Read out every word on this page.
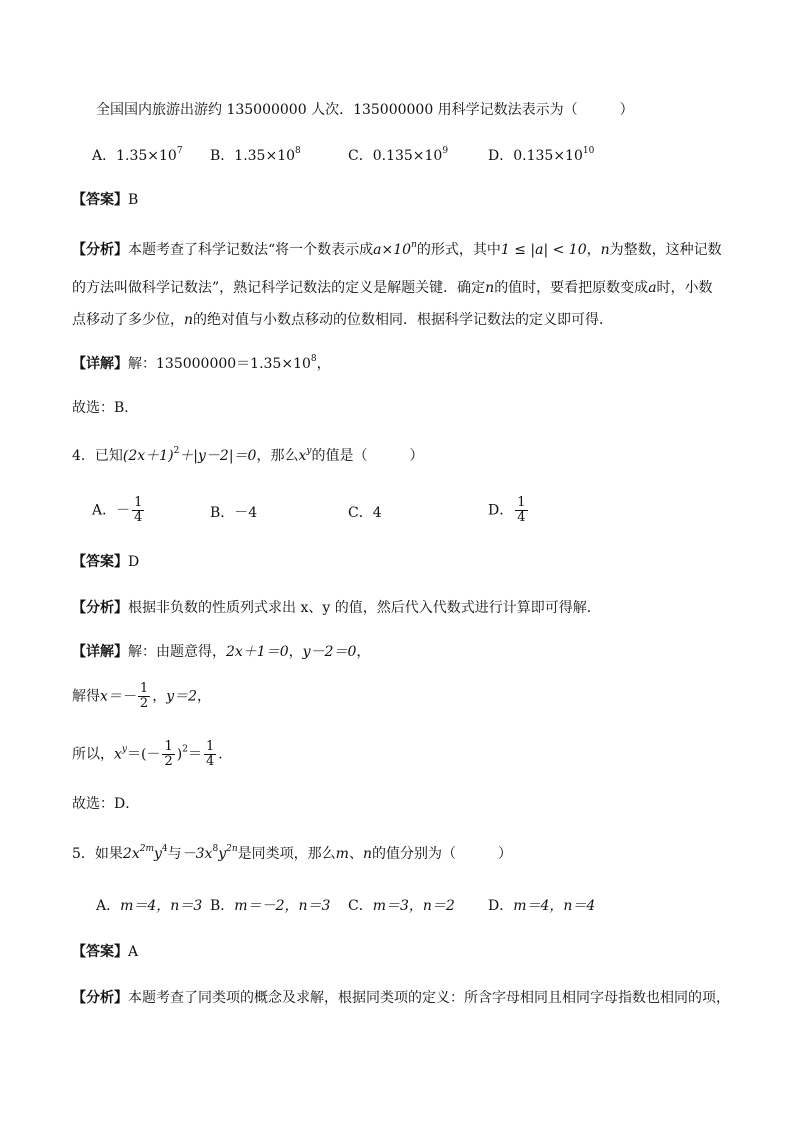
全国国内旅游出游约 135000000 人次．135000000 用科学记数法表示为（　　　）
A．$1.35\times 10^7$ B．$1.35\times 10^8$	C．$0.135\times 10^9$	D．$0.135\times 10^{10}$
【答案】B
【分析】本题考查了科学记数法“将一个数表示成$a\times 10^n$的形式，其中1 ≤ |a| < 10，n为整数，这种记数
的方法叫做科学记数法”，熟记科学记数法的定义是解题关键．确定n的值时，要看把原数变成a时，小数
点移动了多少位，n的绝对值与小数点移动的位数相同．根据科学记数法的定义即可得．
【详解】解：$135000000=1.35\times 10^8$，
故选：B．
4．已知$(2x+1)^2+|y-2|=0$，那么$x^y$的值是（　　　）
A．－ $\frac{1}{4}$	B．－4	C．4	D． $\frac{1}{4}$
【答案】D
【分析】根据非负数的性质列式求出 x、y 的值，然后代入代数式进行计算即可得解．
【详解】解：由题意得，2x＋1＝0，y－2＝0，
解得$x=- \frac{1}{2}$ ，y＝2，
所以，$x^y=(- \frac{1}{2} )^2= \frac{1}{4}$ ．
故选：D．
5．如果$2x^{2m}y^4$与$-3x^8y^{2n}$是同类项，那么m、n的值分别为（　　　）
A．m＝4，n＝3 B．m＝－2，n＝3 C．m＝3，n＝2 D．m＝4，n＝4
【答案】A
【分析】本题考查了同类项的概念及求解，根据同类项的定义：所含字母相同且相同字母指数也相同的项，
